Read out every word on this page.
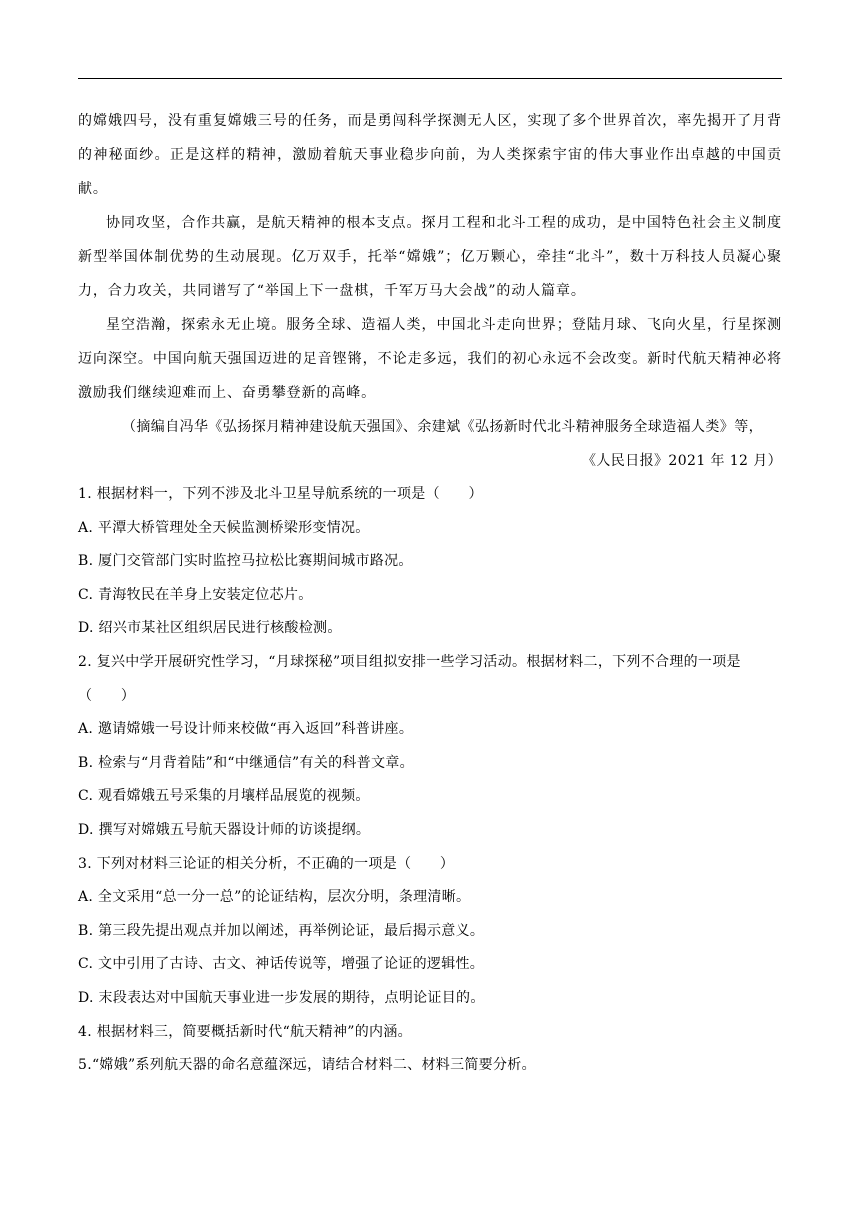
的嫦娥四号，没有重复嫦娥三号的任务，而是勇闯科学探测无人区，实现了多个世界首次，率先揭开了月背的神秘面纱。正是这样的精神，激励着航天事业稳步向前，为人类探索宇宙的伟大事业作出卓越的中国贡献。

协同攻坚，合作共赢，是航天精神的根本支点。探月工程和北斗工程的成功，是中国特色社会主义制度新型举国体制优势的生动展现。亿万双手，托举“嫦娥”；亿万颗心，牵挂“北斗”，数十万科技人员凝心聚力，合力攻关，共同谱写了“举国上下一盘棋，千军万马大会战”的动人篇章。

星空浩瀚，探索永无止境。服务全球、造福人类，中国北斗走向世界；登陆月球、飞向火星，行星探测迈向深空。中国向航天强国迈进的足音铿锵，不论走多远，我们的初心永远不会改变。新时代航天精神必将激励我们继续迎难而上、奋勇攀登新的高峰。

（摘编自冯华《弘扬探月精神建设航天强国》、余建斌《弘扬新时代北斗精神服务全球造福人类》等，

《人民日报》2021 年 12 月）

1. 根据材料一，下列不涉及北斗卫星导航系统的一项是（　　）

A. 平潭大桥管理处全天候监测桥梁形变情况。

B. 厦门交管部门实时监控马拉松比赛期间城市路况。

C. 青海牧民在羊身上安装定位芯片。

D. 绍兴市某社区组织居民进行核酸检测。

2. 复兴中学开展研究性学习，“月球探秘”项目组拟安排一些学习活动。根据材料二，下列不合理的一项是（　　）

A. 邀请嫦娥一号设计师来校做“再入返回”科普讲座。

B. 检索与“月背着陆”和“中继通信”有关的科普文章。

C. 观看嫦娥五号采集的月壤样品展览的视频。

D. 撰写对嫦娥五号航天器设计师的访谈提纲。

3. 下列对材料三论证的相关分析，不正确的一项是（　　）

A. 全文采用“总一分一总”的论证结构，层次分明，条理清晰。

B. 第三段先提出观点并加以阐述，再举例论证，最后揭示意义。

C. 文中引用了古诗、古文、神话传说等，增强了论证的逻辑性。

D. 末段表达对中国航天事业进一步发展的期待，点明论证目的。

4. 根据材料三，简要概括新时代“航天精神”的内涵。

5.“嫦娥”系列航天器的命名意蕴深远，请结合材料二、材料三简要分析。
